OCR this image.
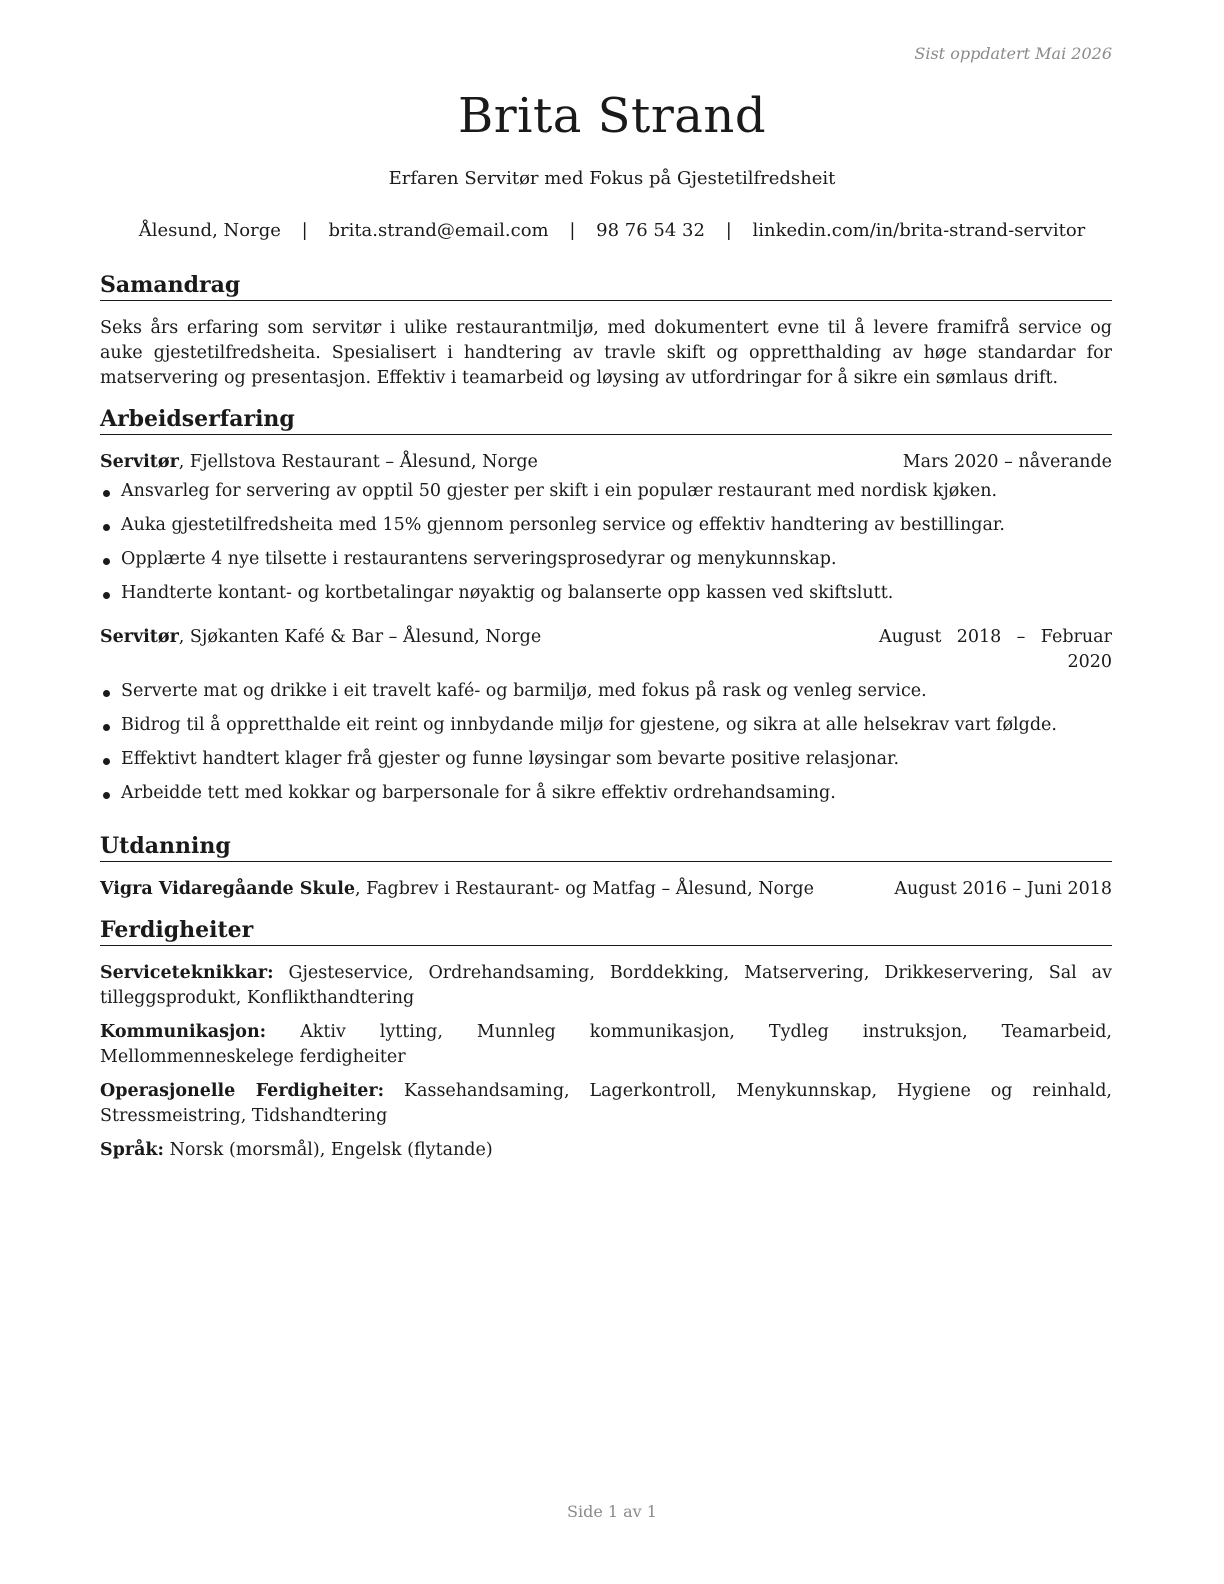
Sist oppdatert Mai 2026
Brita Strand
Erfaren Servitør med Fokus på Gjestetilfredsheit
Ålesund, Norge | brita.strand@email.com | 98 76 54 32 | linkedin.com/in/brita-strand-servitor
Samandrag
Seks års erfaring som servitør i ulike restaurantmiljø, med dokumentert evne til å levere framifrå service og auke gjestetilfredsheita. Spesialisert i handtering av travle skift og oppretthalding av høge standardar for matservering og presentasjon. Effektiv i teamarbeid og løysing av utfordringar for å sikre ein sømlaus drift.
Arbeidserfaring
Servitør, Fjellstova Restaurant – Ålesund, Norge	Mars 2020 – nåverande
Ansvarleg for servering av opptil 50 gjester per skift i ein populær restaurant med nordisk kjøken.
Auka gjestetilfredsheita med 15% gjennom personleg service og effektiv handtering av bestillingar.
Opplærte 4 nye tilsette i restaurantens serveringsprosedyrar og menykunnskap.
Handterte kontant- og kortbetalingar nøyaktig og balanserte opp kassen ved skiftslutt.
Servitør, Sjøkanten Kafé & Bar – Ålesund, Norge	August 2018 – Februar 2020
Serverte mat og drikke i eit travelt kafé- og barmiljø, med fokus på rask og venleg service.
Bidrog til å oppretthalde eit reint og innbydande miljø for gjestene, og sikra at alle helsekrav vart følgde.
Effektivt handtert klager frå gjester og funne løysingar som bevarte positive relasjonar.
Arbeidde tett med kokkar og barpersonale for å sikre effektiv ordrehandsaming.
Utdanning
Vigra Vidaregåande Skule, Fagbrev i Restaurant- og Matfag – Ålesund, Norge	August 2016 – Juni 2018
Ferdigheiter
Serviceteknikkar: Gjesteservice, Ordrehandsaming, Borddekking, Matservering, Drikkeservering, Sal av tilleggsprodukt, Konflikthandtering
Kommunikasjon: Aktiv lytting, Munnleg kommunikasjon, Tydleg instruksjon, Teamarbeid, Mellommenneskelege ferdigheiter
Operasjonelle Ferdigheiter: Kassehandsaming, Lagerkontroll, Menykunnskap, Hygiene og reinhald, Stressmeistring, Tidshandtering
Språk: Norsk (morsmål), Engelsk (flytande)
Side 1 av 1
